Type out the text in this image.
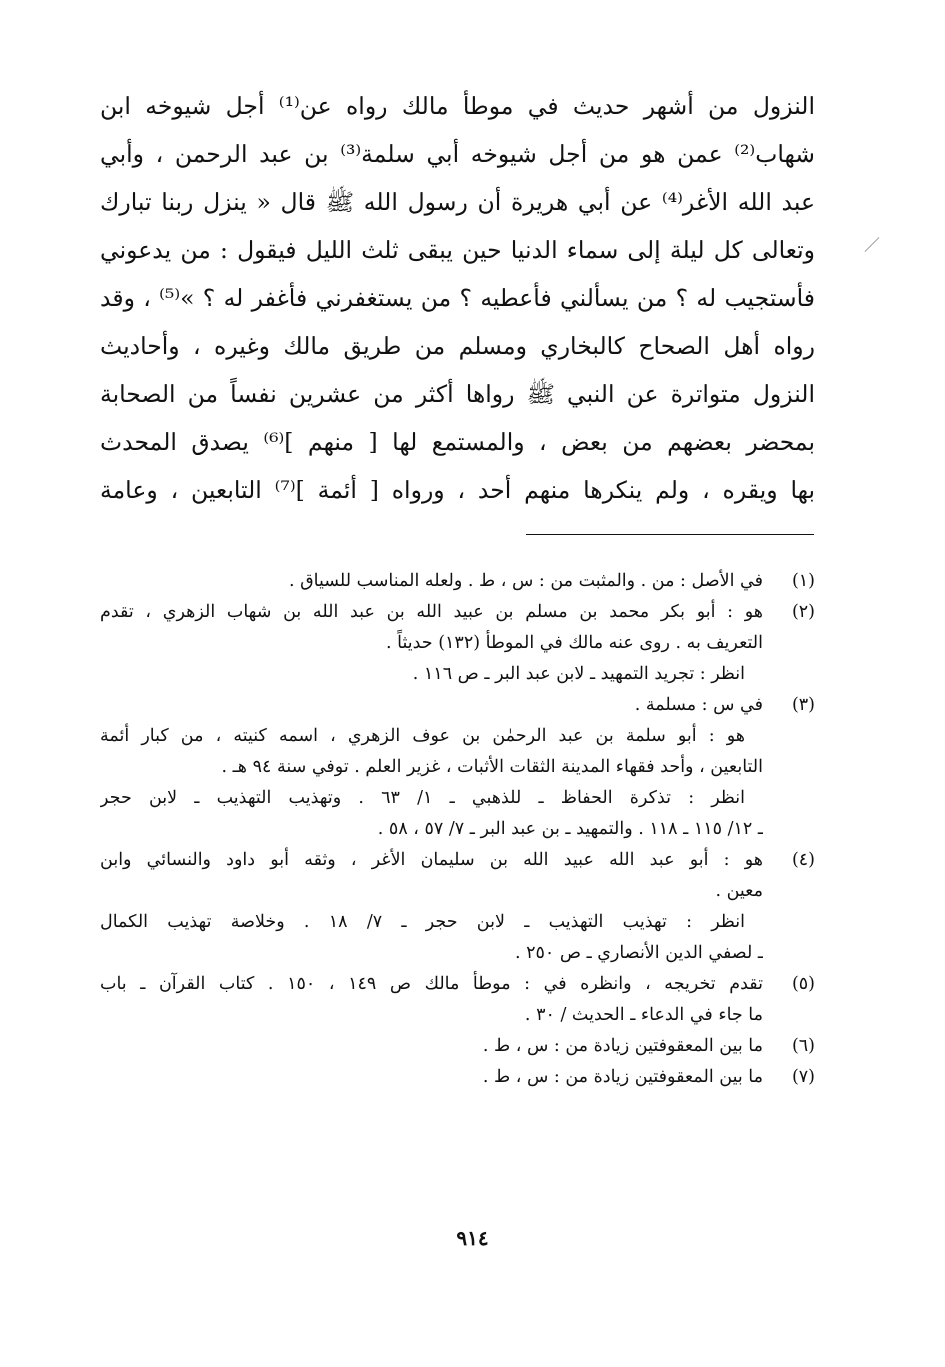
النزول من أشهر حديث في موطأ مالك رواه عن⁽¹⁾ أجل شيوخه ابن
شهاب⁽²⁾ عمن هو من أجل شيوخه أبي سلمة⁽³⁾ بن عبد الرحمن ، وأبي
عبد الله الأغر⁽⁴⁾ عن أبي هريرة أن رسول الله ﷺ قال « ينزل ربنا تبارك
وتعالى كل ليلة إلى سماء الدنيا حين يبقى ثلث الليل فيقول : من يدعوني
فأستجيب له ؟ من يسألني فأعطيه ؟ من يستغفرني فأغفر له ؟ »⁽⁵⁾ ، وقد
رواه أهل الصحاح كالبخاري ومسلم من طريق مالك وغيره ، وأحاديث
النزول متواترة عن النبي ﷺ رواها أكثر من عشرين نفساً من الصحابة
بمحضر بعضهم من بعض ، والمستمع لها [ منهم ]⁽⁶⁾ يصدق المحدث
بها ويقره ، ولم ينكرها منهم أحد ، ورواه [ أئمة ]⁽⁷⁾ التابعين ، وعامة
(١)
في الأصل : من . والمثبت من : س ، ط . ولعله المناسب للسياق .
(٢)
هو : أبو بكر محمد بن مسلم بن عبيد الله بن عبد الله بن شهاب الزهري ، تقدم
التعريف به . روى عنه مالك في الموطأ (١٣٢) حديثاً .
انظر : تجريد التمهيد ـ لابن عبد البر ـ ص ١١٦ .
(٣)
في س : مسلمة .
هو : أبو سلمة بن عبد الرحمٰن بن عوف الزهري ، اسمه كنيته ، من كبار أئمة
التابعين ، وأحد فقهاء المدينة الثقات الأثبات ، غزير العلم . توفي سنة ٩٤ هـ .
انظر : تذكرة الحفاظ ـ للذهبي ـ ١/ ٦٣ . وتهذيب التهذيب ـ لابن حجر
ـ ١٢/ ١١٥ ـ ١١٨ . والتمهيد ـ بن عبد البر ـ ٧/ ٥٧ ، ٥٨ .
(٤)
هو : أبو عبد الله عبيد الله بن سليمان الأغر ، وثقه أبو داود والنسائي وابن
معين .
انظر : تهذيب التهذيب ـ لابن حجر ـ ٧/ ١٨ . وخلاصة تهذيب الكمال
ـ لصفي الدين الأنصاري ـ ص ٢٥٠ .
(٥)
تقدم تخريجه ، وانظره في : موطأ مالك ص ١٤٩ ، ١٥٠ . كتاب القرآن ـ باب
ما جاء في الدعاء ـ الحديث / ٣٠ .
(٦)
ما بين المعقوفتين زيادة من : س ، ط .
(٧)
ما بين المعقوفتين زيادة من : س ، ط .
٩١٤
